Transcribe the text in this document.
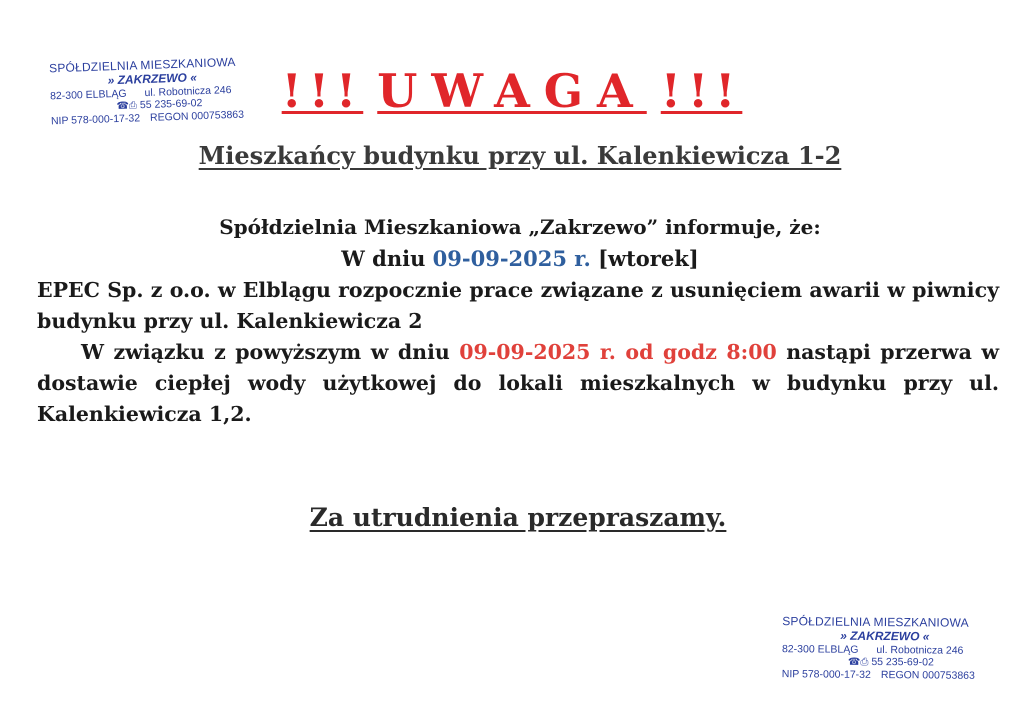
SPÓŁDZIELNIA MIESZKANIOWA
» ZAKRZEWO «
82-300 ELBLĄG ul. Robotnicza 246
☎⎙ 55 235-69-02
NIP 578-000-17-32 REGON 000753863 !!! UWAGA !!!
Mieszkańcy budynku przy ul. Kalenkiewicza 1-2

Spółdzielnia Mieszkaniowa „Zakrzewo” informuje, że:

W dniu 09-09-2025 r. [wtorek]

EPEC Sp. z o.o. w Elblągu rozpocznie prace związane z usunięciem awarii w piwnicy budynku przy ul. Kalenkiewicza 2

W związku z powyższym w dniu 09-09-2025 r. od godz 8:00 nastąpi przerwa w dostawie ciepłej wody użytkowej do lokali mieszkalnych w budynku przy ul. Kalenkiewicza 1,2.

Za utrudnienia przepraszamy.
SPÓŁDZIELNIA MIESZKANIOWA
» ZAKRZEWO «
82-300 ELBLĄG ul. Robotnicza 246
☎⎙ 55 235-69-02
NIP 578-000-17-32 REGON 000753863
